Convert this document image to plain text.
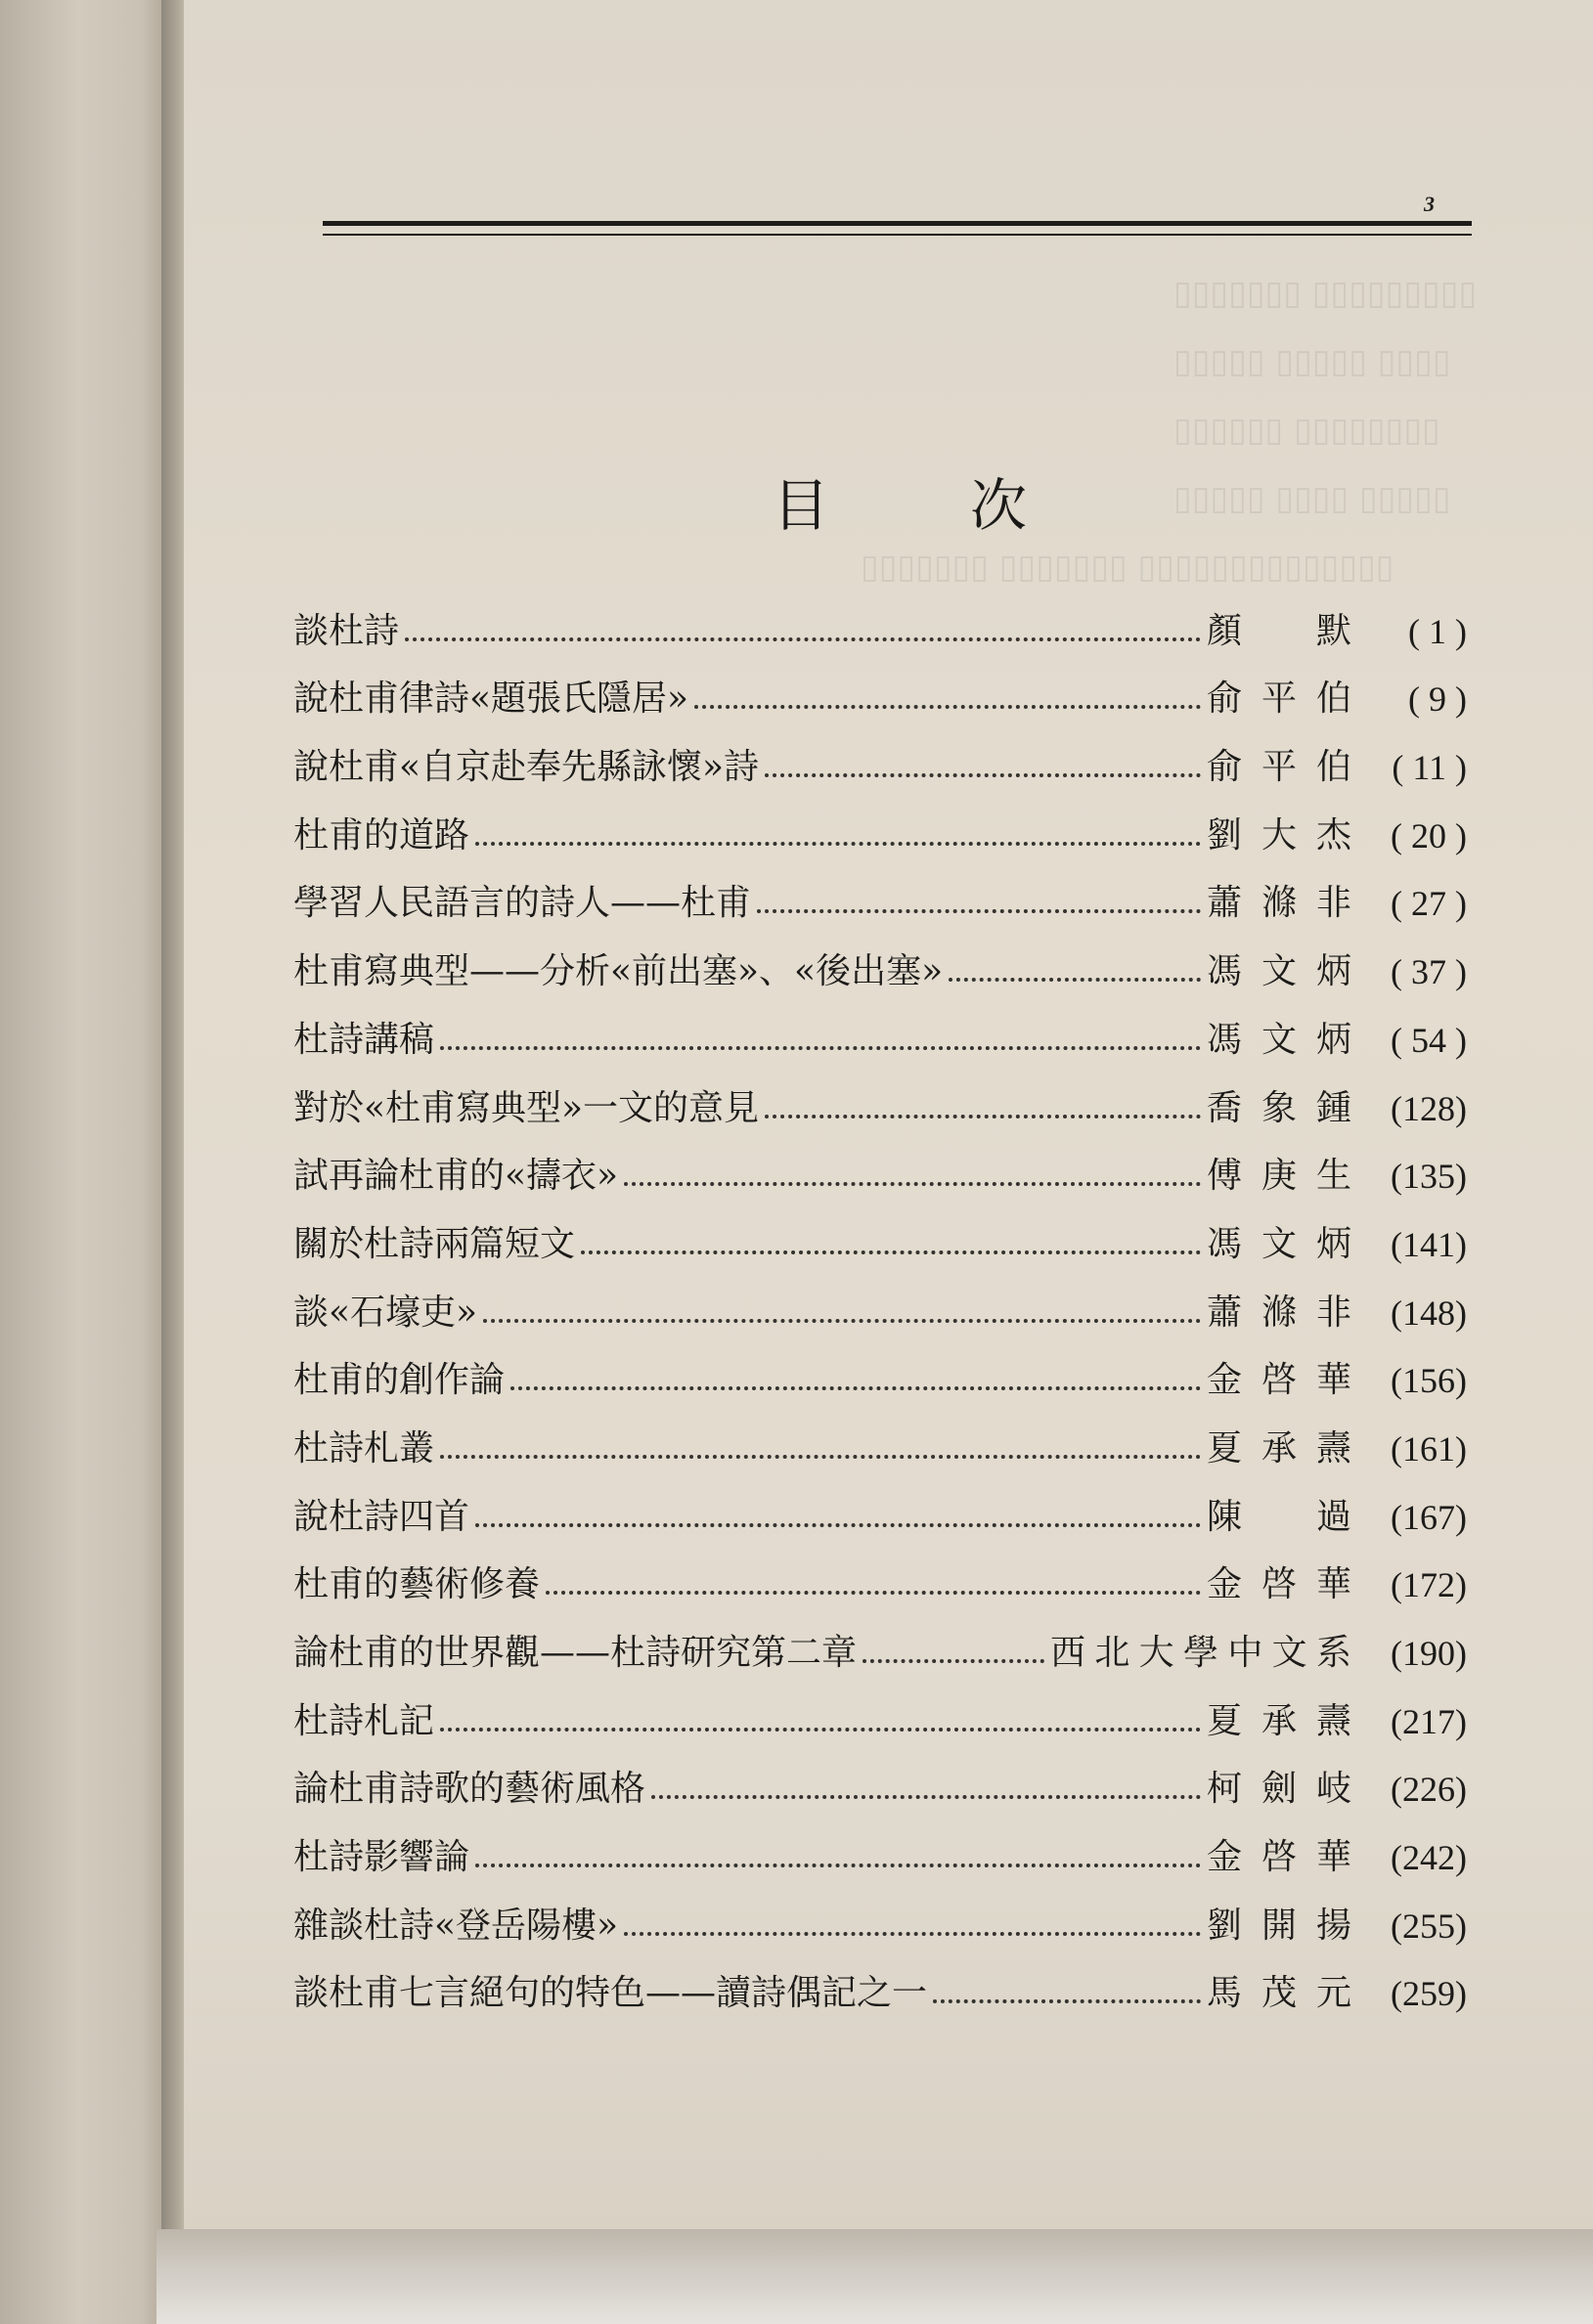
▯▯▯▯▯▯▯ ▯▯▯▯▯▯▯▯▯
▯▯▯▯▯ ▯▯▯▯▯ ▯▯▯▯
▯▯▯▯▯▯ ▯▯▯▯▯▯▯▯
▯▯▯▯▯ ▯▯▯▯ ▯▯▯▯▯
▯▯▯▯▯▯▯ ▯▯▯▯▯▯▯ ▯▯▯▯▯▯▯▯▯▯▯▯▯▯
3
目 次
談杜詩	顏 默	( 1 )
說杜甫律詩«題張氏隱居»	俞平伯	( 9 )
說杜甫«自京赴奉先縣詠懷»詩	俞平伯	( 11 )
杜甫的道路	劉大杰	( 20 )
學習人民語言的詩人——杜甫	蕭滌非	( 27 )
杜甫寫典型——分析«前出塞»、«後出塞»	馮文炳	( 37 )
杜詩講稿	馮文炳	( 54 )
對於«杜甫寫典型»一文的意見	喬象鍾	(128)
試再論杜甫的«擣衣»	傅庚生	(135)
關於杜詩兩篇短文	馮文炳	(141)
談«石壕吏»	蕭滌非	(148)
杜甫的創作論	金啓華	(156)
杜詩札叢	夏承燾	(161)
說杜詩四首	陳 過	(167)
杜甫的藝術修養	金啓華	(172)
論杜甫的世界觀——杜詩研究第二章	西北大學中文系	(190)
杜詩札記	夏承燾	(217)
論杜甫詩歌的藝術風格	柯劍岐	(226)
杜詩影響論	金啓華	(242)
雜談杜詩«登岳陽樓»	劉開揚	(255)
談杜甫七言絕句的特色——讀詩偶記之一	馬茂元	(259)
